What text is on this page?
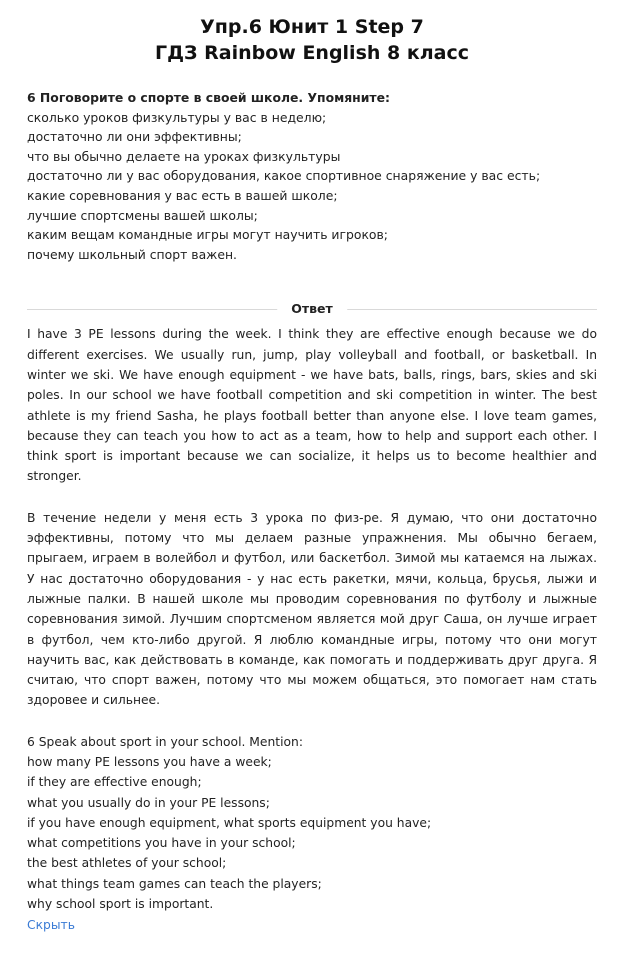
Упр.6 Юнит 1 Step 7
ГДЗ Rainbow English 8 класс
6 Поговорите о спорте в своей школе. Упомяните:
сколько уроков физкультуры у вас в неделю;
достаточно ли они эффективны;
что вы обычно делаете на уроках физкультуры
достаточно ли у вас оборудования, какое спортивное снаряжение у вас есть;
какие соревнования у вас есть в вашей школе;
лучшие спортсмены вашей школы;
каким вещам командные игры могут научить игроков;
почему школьный спорт важен.
Ответ

I have 3 PE lessons during the week. I think they are effective enough because we do different exercises. We usually run, jump, play volleyball and football, or basketball. In winter we ski. We have enough equipment - we have bats, balls, rings, bars, skies and ski poles. In our school we have football competition and ski competition in winter. The best athlete is my friend Sasha, he plays football better than anyone else. I love team games, because they can teach you how to act as a team, how to help and support each other. I think sport is important because we can socialize, it helps us to become healthier and stronger.

В течение недели у меня есть 3 урока по физ-ре. Я думаю, что они достаточно эффективны, потому что мы делаем разные упражнения. Мы обычно бегаем, прыгаем, играем в волейбол и футбол, или баскетбол. Зимой мы катаемся на лыжах. У нас достаточно оборудования - у нас есть ракетки, мячи, кольца, брусья, лыжи и лыжные палки. В нашей школе мы проводим соревнования по футболу и лыжные соревнования зимой. Лучшим спортсменом является мой друг Саша, он лучше играет в футбол, чем кто-либо другой. Я люблю командные игры, потому что они могут научить вас, как действовать в команде, как помогать и поддерживать друг друга. Я считаю, что спорт важен, потому что мы можем общаться, это помогает нам стать здоровее и сильнее.

6 Speak about sport in your school. Mention:
how many PE lessons you have a week;
if they are effective enough;
what you usually do in your PE lessons;
if you have enough equipment, what sports equipment you have;
what competitions you have in your school;
the best athletes of your school;
what things team games can teach the players;
why school sport is important.
Скрыть
